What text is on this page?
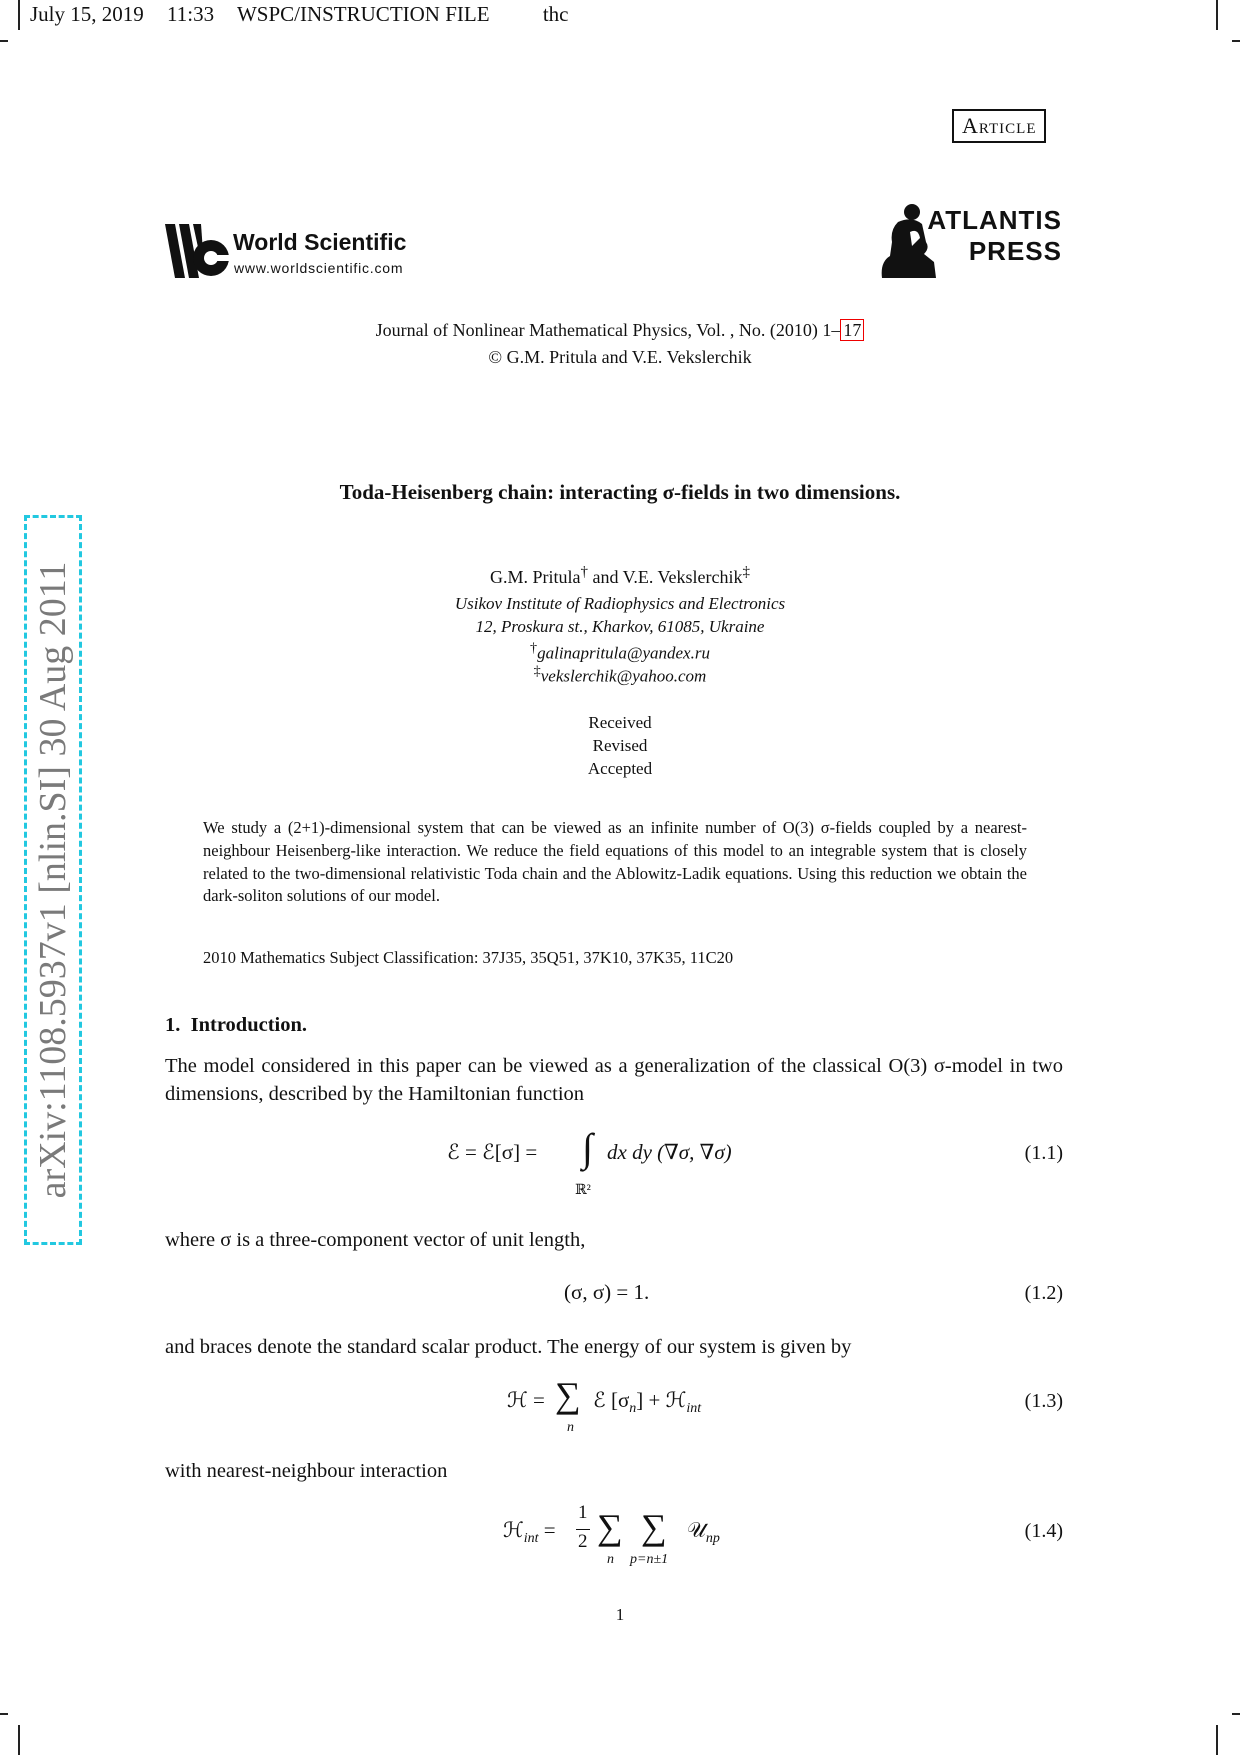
July 15, 2019 11:33 WSPC/INSTRUCTION FILE	thc
Article
World Scientific
www.worldscientific.com
ATLANTIS
PRESS
Journal of Nonlinear Mathematical Physics, Vol. , No. (2010) 1– 17
© G.M. Pritula and V.E. Vekslerchik
Toda-Heisenberg chain: interacting σ-fields in two dimensions.
G.M. Pritula† and V.E. Vekslerchik‡
Usikov Institute of Radiophysics and Electronics
12, Proskura st., Kharkov, 61085, Ukraine
†galinapritula@yandex.ru
‡vekslerchik@yahoo.com
Received
Revised
Accepted
We study a (2+1)-dimensional system that can be viewed as an infinite number of O(3) σ-fields coupled by a nearest-neighbour Heisenberg-like interaction. We reduce the field equations of this model to an integrable system that is closely related to the two-dimensional relativistic Toda chain and the Ablowitz-Ladik equations. Using this reduction we obtain the dark-soliton solutions of our model.
2010 Mathematics Subject Classification: 37J35, 35Q51, 37K10, 37K35, 11C20
1. Introduction.
The model considered in this paper can be viewed as a generalization of the classical O(3) σ-model in two dimensions, described by the Hamiltonian function
ℰ = ℰ[σ] = ∫
ℝ²
dx dy (∇σ, ∇σ)	(1.1)
where σ is a three-component vector of unit length,
(σ, σ) = 1.	(1.2)
and braces denote the standard scalar product. The energy of our system is given by
ℋ = ∑
n
ℰ $[\sigma_n]$ + ℋ$_{int}$	(1.3)
with nearest-neighbour interaction
ℋ$_{int}$ =
1
2 ∑
n
∑
p=n±1
𝒰$_{np}$	(1.4)
1
arXiv:1108.5937v1 [nlin.SI] 30 Aug 2011
